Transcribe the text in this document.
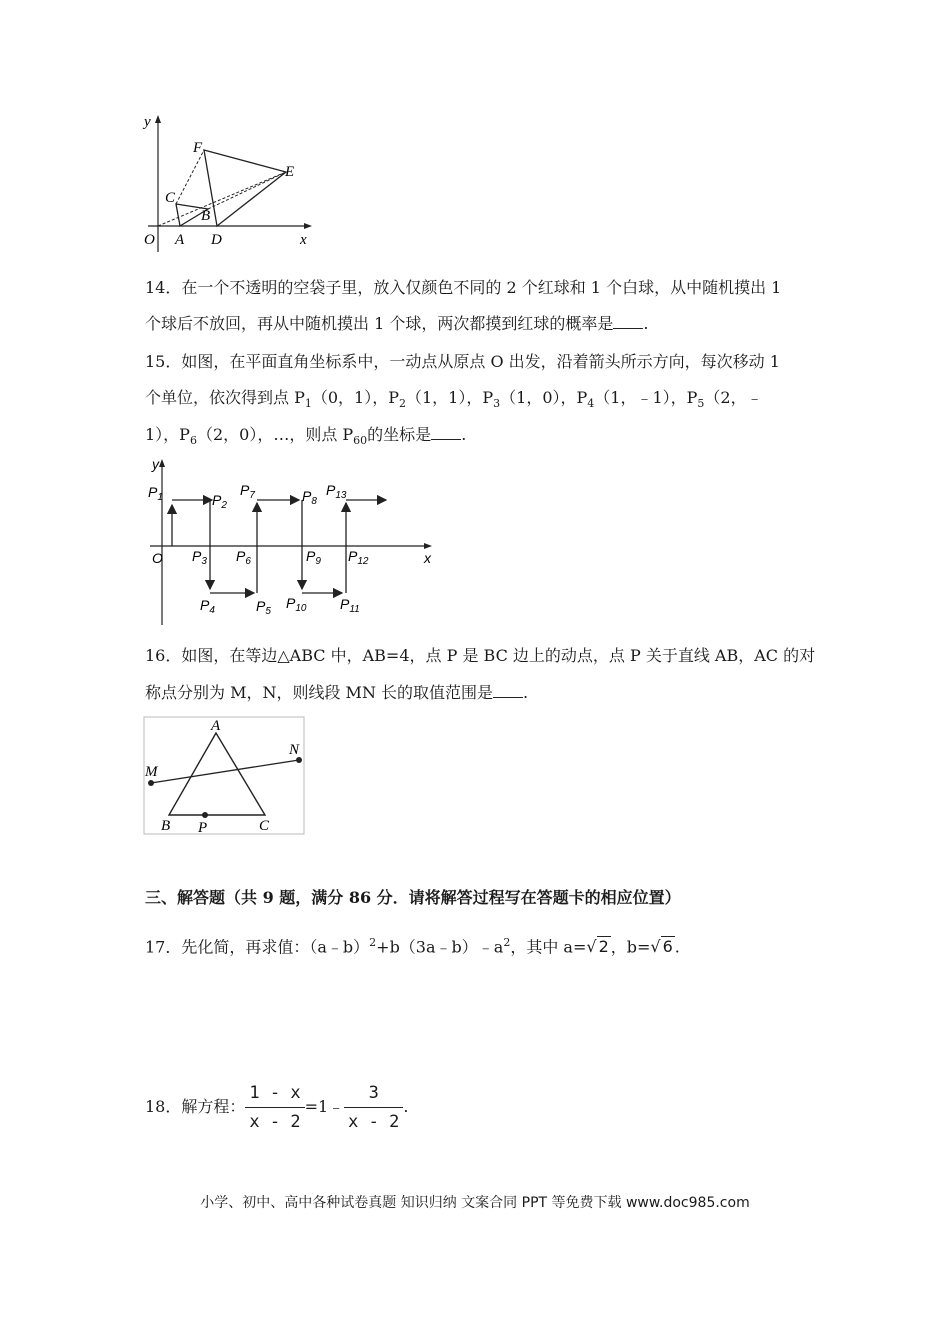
y
x
O A D
C
B
F
E
14．在一个不透明的空袋子里，放入仅颜色不同的 2 个红球和 1 个白球，从中随机摸出 1
个球后不放回，再从中随机摸出 1 个球，两次都摸到红球的概率是 .
15．如图，在平面直角坐标系中，一动点从原点 O 出发，沿着箭头所示方向，每次移动 1
个单位，依次得到点 $P_1(0$，1），$P_2(1$，1），$P_3(1$，0），$P_4(1$，﹣1），$P_5(2$，﹣
1），$P_6(2$，0），…，则点 $P_{60}$的坐标是 .
y
x
O
$P_1$	$P_2$
$P_3$
$P_4$	$P_5$
$P_6$
$P_7$	$P_8$
$P_9$
$P_{10}$ $P_{11}$
$P_{12}$
$P_{13}$
16．如图，在等边△ABC 中，AB=4，点 P 是 BC 边上的动点，点 P 关于直线 AB，AC 的对
称点分别为 M，N，则线段 MN 长的取值范围是 .
A
B	C
P
M
N
三、解答题（共 9 题，满分 86 分．请将解答过程写在答题卡的相应位置）
17．先化简，再求值：$(a﹣b)^2+b(3a﹣b)﹣a^2$，其中 a=√ 2 ，b=√ 6 .
18．解方程： $\frac{1 - x}{x - 2}$ =1﹣ $\frac{3}{x - 2}$ .
小学、初中、高中各种试卷真题 知识归纳 文案合同 PPT 等免费下载 www.doc985.com
